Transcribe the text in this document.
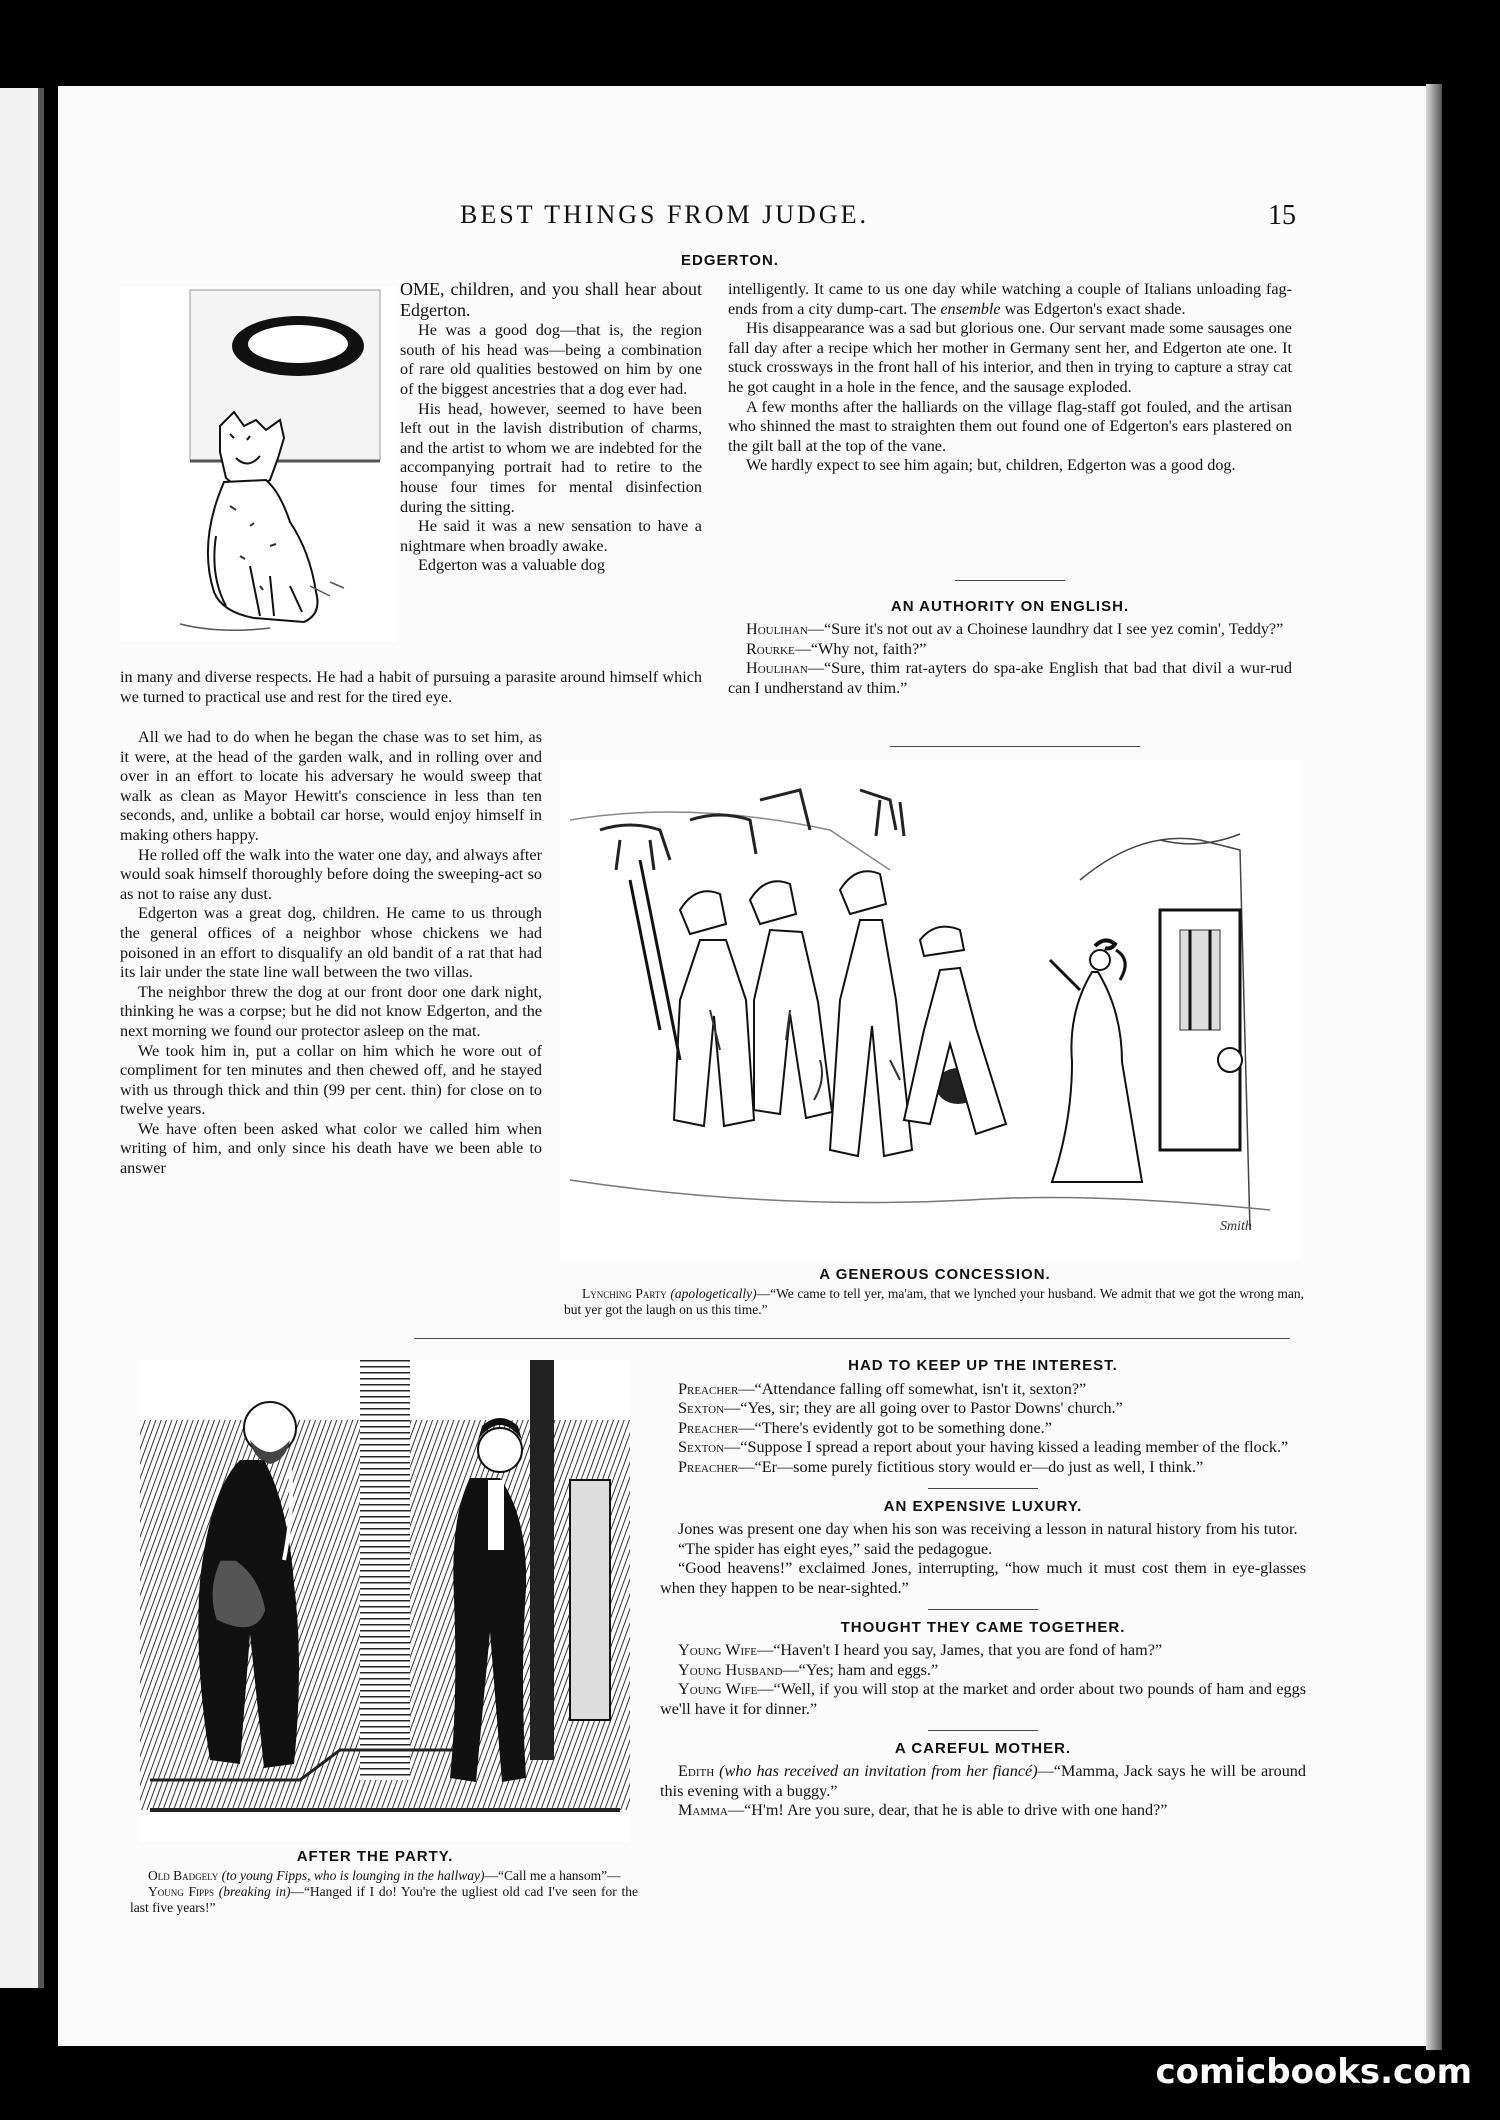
BEST THINGS FROM JUDGE.	15
EDGERTON.

OME, children, and you shall hear about Edgerton.

He was a good dog—that is, the region south of his head was—being a combination of rare old qualities bestowed on him by one of the biggest ancestries that a dog ever had.

His head, however, seemed to have been left out in the lavish distribution of charms, and the artist to whom we are indebted for the accompanying portrait had to retire to the house four times for mental disinfection during the sitting.

He said it was a new sensation to have a nightmare when broadly awake.

Edgerton was a valuable dog

in many and diverse respects. He had a habit of pursuing a parasite around himself which we turned to practical use and rest for the tired eye.

All we had to do when he began the chase was to set him, as it were, at the head of the garden walk, and in rolling over and over in an effort to locate his adversary he would sweep that walk as clean as Mayor Hewitt's conscience in less than ten seconds, and, unlike a bobtail car horse, would enjoy himself in making others happy.

He rolled off the walk into the water one day, and always after would soak himself thoroughly before doing the sweeping-act so as not to raise any dust.

Edgerton was a great dog, children. He came to us through the general offices of a neighbor whose chickens we had poisoned in an effort to disqualify an old bandit of a rat that had its lair under the state line wall between the two villas.

The neighbor threw the dog at our front door one dark night, thinking he was a corpse; but he did not know Edgerton, and the next morning we found our protector asleep on the mat.

We took him in, put a collar on him which he wore out of compliment for ten minutes and then chewed off, and he stayed with us through thick and thin (99 per cent. thin) for close on to twelve years.

We have often been asked what color we called him when writing of him, and only since his death have we been able to answer

intelligently. It came to us one day while watching a couple of Italians unloading fag-ends from a city dump-cart. The ensemble was Edgerton's exact shade.

His disappearance was a sad but glorious one. Our servant made some sausages one fall day after a recipe which her mother in Germany sent her, and Edgerton ate one. It stuck crossways in the front hall of his interior, and then in trying to capture a stray cat he got caught in a hole in the fence, and the sausage exploded.

A few months after the halliards on the village flag-staff got fouled, and the artisan who shinned the mast to straighten them out found one of Edgerton's ears plastered on the gilt ball at the top of the vane.

We hardly expect to see him again; but, children, Edgerton was a good dog.

AN AUTHORITY ON ENGLISH.

Houlihan—“Sure it's not out av a Choinese laundhry dat I see yez comin', Teddy?”

Rourke—“Why not, faith?”

Houlihan—“Sure, thim rat-ayters do spa-ake English that bad that divil a wur-rud can I undherstand av thim.”

Smith
A GENEROUS CONCESSION.

Lynching Party (apologetically)—“We came to tell yer, ma'am, that we lynched your husband. We admit that we got the wrong man, but yer got the laugh on us this time.”

AFTER THE PARTY.

Old Badgely (to young Fipps, who is lounging in the hallway)—“Call me a hansom”—

Young Fipps (breaking in)—“Hanged if I do! You're the ugliest old cad I've seen for the last five years!”

HAD TO KEEP UP THE INTEREST.

Preacher—“Attendance falling off somewhat, isn't it, sexton?”

Sexton—“Yes, sir; they are all going over to Pastor Downs' church.”

Preacher—“There's evidently got to be something done.”

Sexton—“Suppose I spread a report about your having kissed a leading member of the flock.”

Preacher—“Er—some purely fictitious story would er—do just as well, I think.”

AN EXPENSIVE LUXURY.

Jones was present one day when his son was receiving a lesson in natural history from his tutor.

“The spider has eight eyes,” said the pedagogue.

“Good heavens!” exclaimed Jones, interrupting, “how much it must cost them in eye-glasses when they happen to be near-sighted.”

THOUGHT THEY CAME TOGETHER.

Young Wife—“Haven't I heard you say, James, that you are fond of ham?”

Young Husband—“Yes; ham and eggs.”

Young Wife—“Well, if you will stop at the market and order about two pounds of ham and eggs we'll have it for dinner.”

A CAREFUL MOTHER.

Edith (who has received an invitation from her fiancé)—“Mamma, Jack says he will be around this evening with a buggy.”

Mamma—“H'm! Are you sure, dear, that he is able to drive with one hand?”

comicbooks.com
